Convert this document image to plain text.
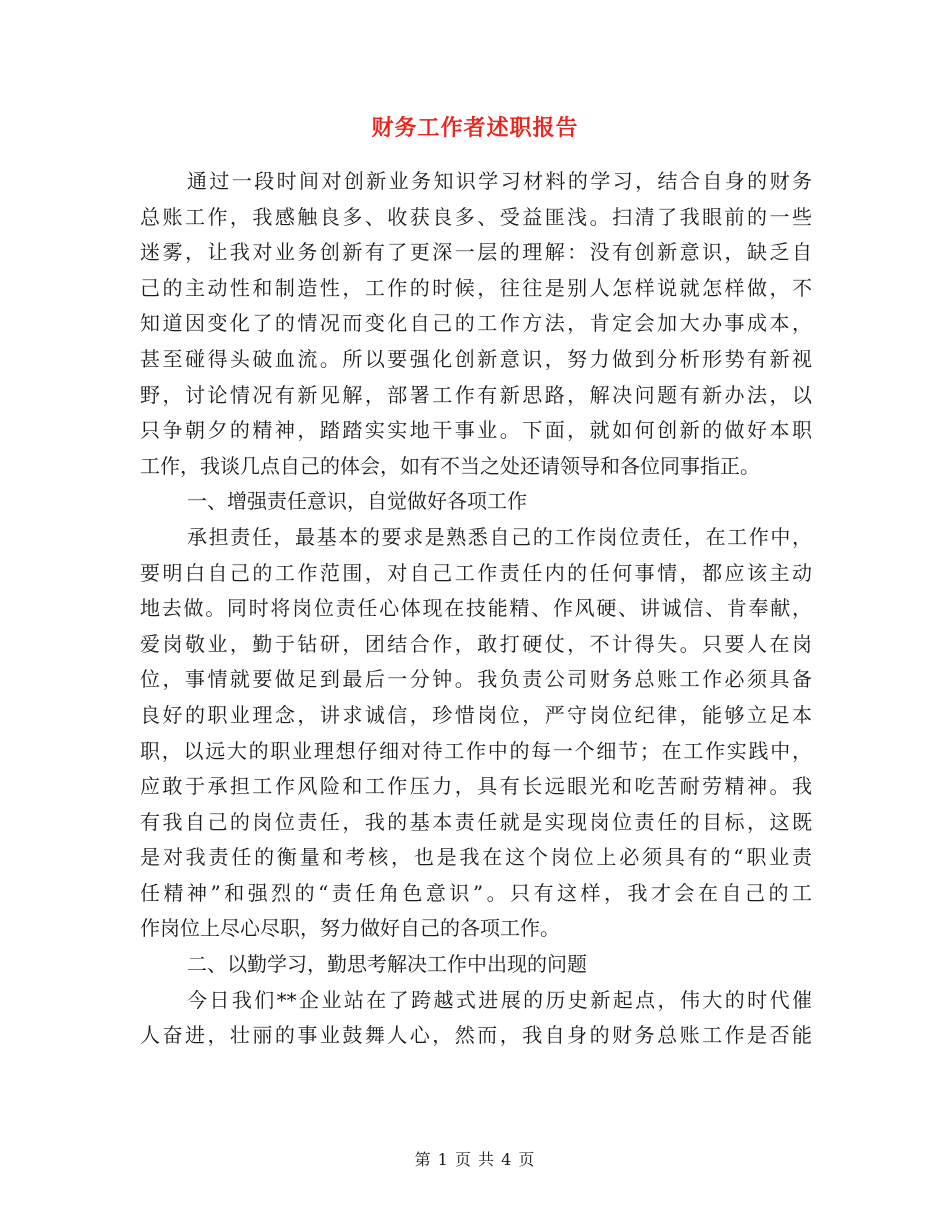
财务工作者述职报告
通过一段时间对创新业务知识学习材料的学习，结合自身的财务
总账工作，我感触良多、收获良多、受益匪浅。扫清了我眼前的一些
迷雾，让我对业务创新有了更深一层的理解：没有创新意识，缺乏自
己的主动性和制造性，工作的时候，往往是别人怎样说就怎样做，不
知道因变化了的情况而变化自己的工作方法，肯定会加大办事成本，
甚至碰得头破血流。所以要强化创新意识，努力做到分析形势有新视
野，讨论情况有新见解，部署工作有新思路，解决问题有新办法，以
只争朝夕的精神，踏踏实实地干事业。下面，就如何创新的做好本职
工作，我谈几点自己的体会，如有不当之处还请领导和各位同事指正。
一、增强责任意识，自觉做好各项工作
承担责任，最基本的要求是熟悉自己的工作岗位责任，在工作中，
要明白自己的工作范围，对自己工作责任内的任何事情，都应该主动
地去做。同时将岗位责任心体现在技能精、作风硬、讲诚信、肯奉献，
爱岗敬业，勤于钻研，团结合作，敢打硬仗，不计得失。只要人在岗
位，事情就要做足到最后一分钟。我负责公司财务总账工作必须具备
良好的职业理念，讲求诚信，珍惜岗位，严守岗位纪律，能够立足本
职，以远大的职业理想仔细对待工作中的每一个细节；在工作实践中，
应敢于承担工作风险和工作压力，具有长远眼光和吃苦耐劳精神。我
有我自己的岗位责任，我的基本责任就是实现岗位责任的目标，这既
是对我责任的衡量和考核，也是我在这个岗位上必须具有的“职业责
任精神”和强烈的“责任角色意识”。只有这样，我才会在自己的工
作岗位上尽心尽职，努力做好自己的各项工作。
二、以勤学习，勤思考解决工作中出现的问题
今日我们**企业站在了跨越式进展的历史新起点，伟大的时代催
人奋进，壮丽的事业鼓舞人心，然而，我自身的财务总账工作是否能
第 1 页 共 4 页
